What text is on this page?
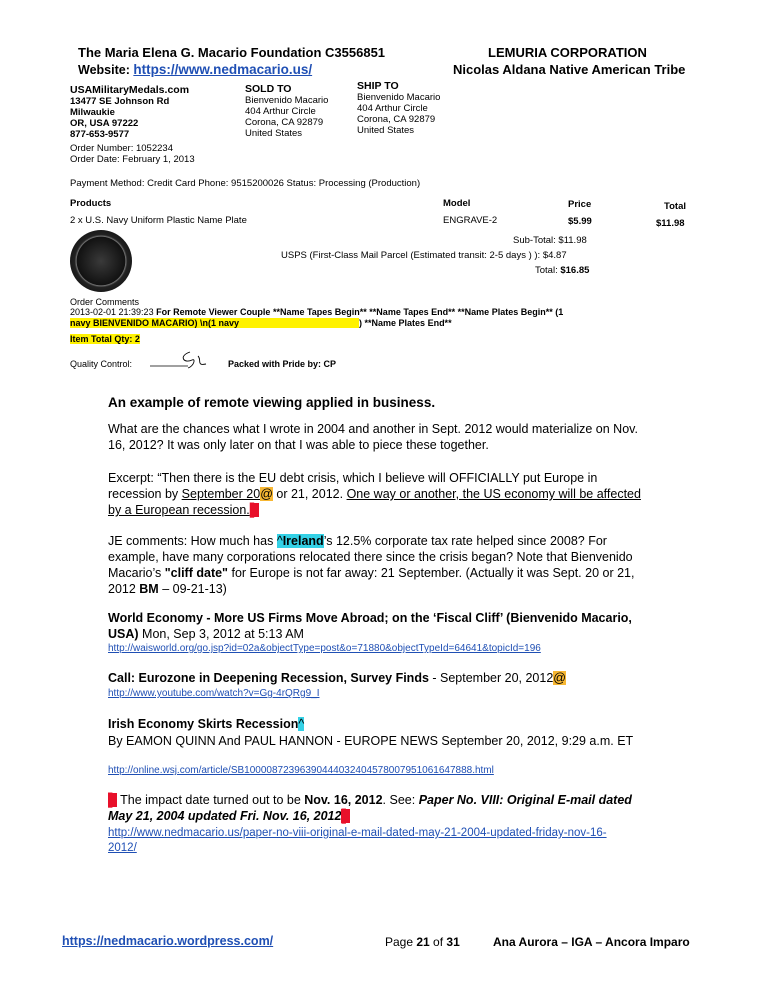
The Maria Elena G. Macario Foundation C3556851
Website: https://www.nedmacario.us/
LEMURIA CORPORATION
Nicolas Aldana Native American Tribe
USAMilitaryMedals.com
13477 SE Johnson Rd
Milwaukie
OR, USA 97222
877-653-9577
Order Number: 1052234
Order Date: February 1, 2013
SOLD TO
Bienvenido Macario
404 Arthur Circle
Corona, CA 92879
United States
SHIP TO
Bienvenido Macario
404 Arthur Circle
Corona, CA 92879
United States
Payment Method: Credit Card Phone: 9515200026 Status: Processing (Production)
Products	Model	Price	Total
2 x U.S. Navy Uniform Plastic Name Plate	ENGRAVE-2	$5.99	$11.98
Sub-Total: $11.98
USPS (First-Class Mail Parcel (Estimated transit: 2-5 days ) ): $4.87
Total: $16.85
Order Comments
2013-02-01 21:39:23 For Remote Viewer Couple **Name Tapes Begin** **Name Tapes End** **Name Plates Begin** (1
navy BIENVENIDO MACARIO) \n(1 navy	) **Name Plates End**
Item Total Qty: 2
Quality Control:	Packed with Pride by: CP
An example of remote viewing applied in business.
What are the chances what I wrote in 2004 and another in Sept. 2012 would materialize on Nov. 16, 2012? It was only later on that I was able to piece these together.
Excerpt: “Then there is the EU debt crisis, which I believe will OFFICIALLY put Europe in recession by September 20@ or 21, 2012. One way or another, the US economy will be affected by a European recession.▌
JE comments: How much has ^Ireland’s 12.5% corporate tax rate helped since 2008? For example, have many corporations relocated there since the crisis began? Note that Bienvenido Macario’s "cliff date" for Europe is not far away: 21 September. (Actually it was Sept. 20 or 21, 2012 BM – 09-21-13)
World Economy - More US Firms Move Abroad; on the ‘Fiscal Cliff’ (Bienvenido Macario, USA) Mon, Sep 3, 2012 at 5:13 AM
http://waisworld.org/go.jsp?id=02a&objectType=post&o=71880&objectTypeId=64641&topicId=196
Call: Eurozone in Deepening Recession, Survey Finds - September 20, 2012@
http://www.youtube.com/watch?v=Gg-4rQRg9_I
Irish Economy Skirts Recession^
By EAMON QUINN And PAUL HANNON - EUROPE NEWS September 20, 2012, 9:29 a.m. ET
http://online.wsj.com/article/SB10000872396390444032404578007951061647888.html
▌ The impact date turned out to be Nov. 16, 2012. See: Paper No. VIII: Original E-mail dated May 21, 2004 updated Fri. Nov. 16, 2012▌
http://www.nedmacario.us/paper-no-viii-original-e-mail-dated-may-21-2004-updated-friday-nov-16-2012/
https://nedmacario.wordpress.com/	Page 21 of 31	Ana Aurora – IGA – Ancora Imparo
